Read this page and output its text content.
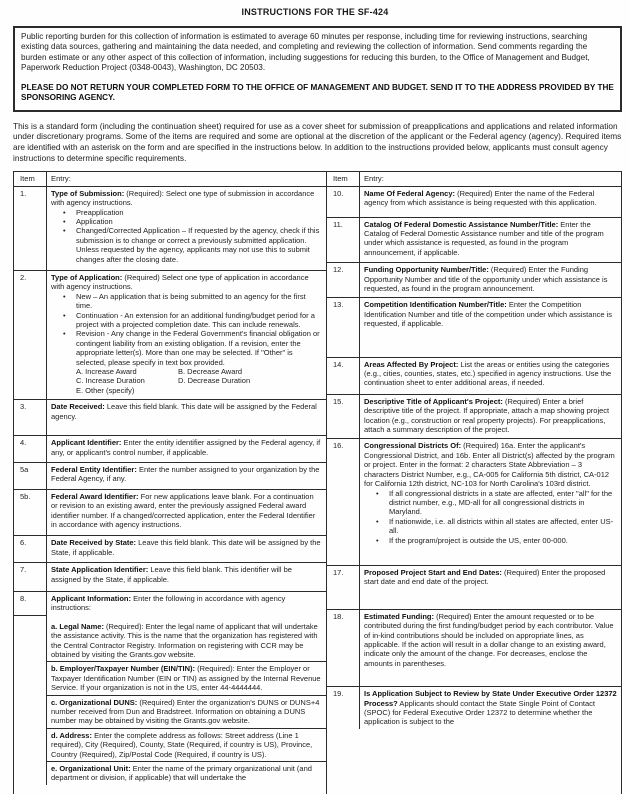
INSTRUCTIONS FOR THE SF-424
Public reporting burden for this collection of information is estimated to average 60 minutes per response, including time for reviewing instructions, searching existing data sources, gathering and maintaining the data needed, and completing and reviewing the collection of information. Send comments regarding the burden estimate or any other aspect of this collection of information, including suggestions for reducing this burden, to the Office of Management and Budget, Paperwork Reduction Project (0348-0043), Washington, DC 20503.
PLEASE DO NOT RETURN YOUR COMPLETED FORM TO THE OFFICE OF MANAGEMENT AND BUDGET. SEND IT TO THE ADDRESS PROVIDED BY THE SPONSORING AGENCY.
This is a standard form (including the continuation sheet) required for use as a cover sheet for submission of preapplications and applications and related information under discretionary programs. Some of the items are required and some are optional at the discretion of the applicant or the Federal agency (agency). Required items are identified with an asterisk on the form and are specified in the instructions below. In addition to the instructions provided below, applicants must consult agency instructions to determine specific requirements.
Item	Entry:
1.	Type of Submission: (Required): Select one type of submission in accordance with agency instructions.
•	Preapplication
•	Application
•	Changed/Corrected Application – If requested by the agency, check if this submission is to change or correct a previously submitted application. Unless requested by the agency, applicants may not use this to submit changes after the closing date.
2.	Type of Application: (Required) Select one type of application in accordance with agency instructions.
•	New – An application that is being submitted to an agency for the first time.
•	Continuation - An extension for an additional funding/budget period for a project with a projected completion date. This can include renewals.
•	Revision - Any change in the Federal Government's financial obligation or contingent liability from an existing obligation. If a revision, enter the appropriate letter(s). More than one may be selected. If "Other" is selected, please specify in text box provided.
A. Increase Award	B. Decrease Award
C. Increase Duration	D. Decrease Duration
E. Other (specify)
3.	Date Received: Leave this field blank. This date will be assigned by the Federal agency.
4.	Applicant Identifier: Enter the entity identifier assigned by the Federal agency, if any, or applicant's control number, if applicable.
5a	Federal Entity Identifier: Enter the number assigned to your organization by the Federal Agency, if any.
5b.	Federal Award Identifier: For new applications leave blank. For a continuation or revision to an existing award, enter the previously assigned Federal award identifier number. If a changed/corrected application, enter the Federal Identifier in accordance with agency instructions.
6.	Date Received by State: Leave this field blank. This date will be assigned by the State, if applicable.
7.	State Application Identifier: Leave this field blank. This identifier will be assigned by the State, if applicable.
8.	Applicant Information: Enter the following in accordance with agency instructions:
a. Legal Name: (Required): Enter the legal name of applicant that will undertake the assistance activity. This is the name that the organization has registered with the Central Contractor Registry. Information on registering with CCR may be obtained by visiting the Grants.gov website.
b. Employer/Taxpayer Number (EIN/TIN): (Required): Enter the Employer or Taxpayer Identification Number (EIN or TIN) as assigned by the Internal Revenue Service. If your organization is not in the US, enter 44-4444444.
c. Organizational DUNS: (Required) Enter the organization's DUNS or DUNS+4 number received from Dun and Bradstreet. Information on obtaining a DUNS number may be obtained by visiting the Grants.gov website.
d. Address: Enter the complete address as follows: Street address (Line 1 required), City (Required), County, State (Required, if country is US), Province, Country (Required), Zip/Postal Code (Required, if country is US).
e. Organizational Unit: Enter the name of the primary organizational unit (and department or division, if applicable) that will undertake the
Item	Entry:
10.	Name Of Federal Agency: (Required) Enter the name of the Federal agency from which assistance is being requested with this application.
11.	Catalog Of Federal Domestic Assistance Number/Title: Enter the Catalog of Federal Domestic Assistance number and title of the program under which assistance is requested, as found in the program announcement, if applicable.
12.	Funding Opportunity Number/Title: (Required) Enter the Funding Opportunity Number and title of the opportunity under which assistance is requested, as found in the program announcement.
13.	Competition Identification Number/Title: Enter the Competition Identification Number and title of the competition under which assistance is requested, if applicable.
14.	Areas Affected By Project: List the areas or entities using the categories (e.g., cities, counties, states, etc.) specified in agency instructions. Use the continuation sheet to enter additional areas, if needed.
15.	Descriptive Title of Applicant's Project: (Required) Enter a brief descriptive title of the project. If appropriate, attach a map showing project location (e.g., construction or real property projects). For preapplications, attach a summary description of the project.
16.	Congressional Districts Of: (Required) 16a. Enter the applicant's Congressional District, and 16b. Enter all District(s) affected by the program or project. Enter in the format: 2 characters State Abbreviation – 3 characters District Number, e.g., CA-005 for California 5th district, CA-012 for California 12th district, NC-103 for North Carolina's 103rd district.
•	If all congressional districts in a state are affected, enter "all" for the district number, e.g., MD-all for all congressional districts in Maryland.
•	If nationwide, i.e. all districts within all states are affected, enter US-all.
•	If the program/project is outside the US, enter 00-000.
17.	Proposed Project Start and End Dates: (Required) Enter the proposed start date and end date of the project.
18.	Estimated Funding: (Required) Enter the amount requested or to be contributed during the first funding/budget period by each contributor. Value of in-kind contributions should be included on appropriate lines, as applicable. If the action will result in a dollar change to an existing award, indicate only the amount of the change. For decreases, enclose the amounts in parentheses.
19.	Is Application Subject to Review by State Under Executive Order 12372 Process? Applicants should contact the State Single Point of Contact (SPOC) for Federal Executive Order 12372 to determine whether the application is subject to the
